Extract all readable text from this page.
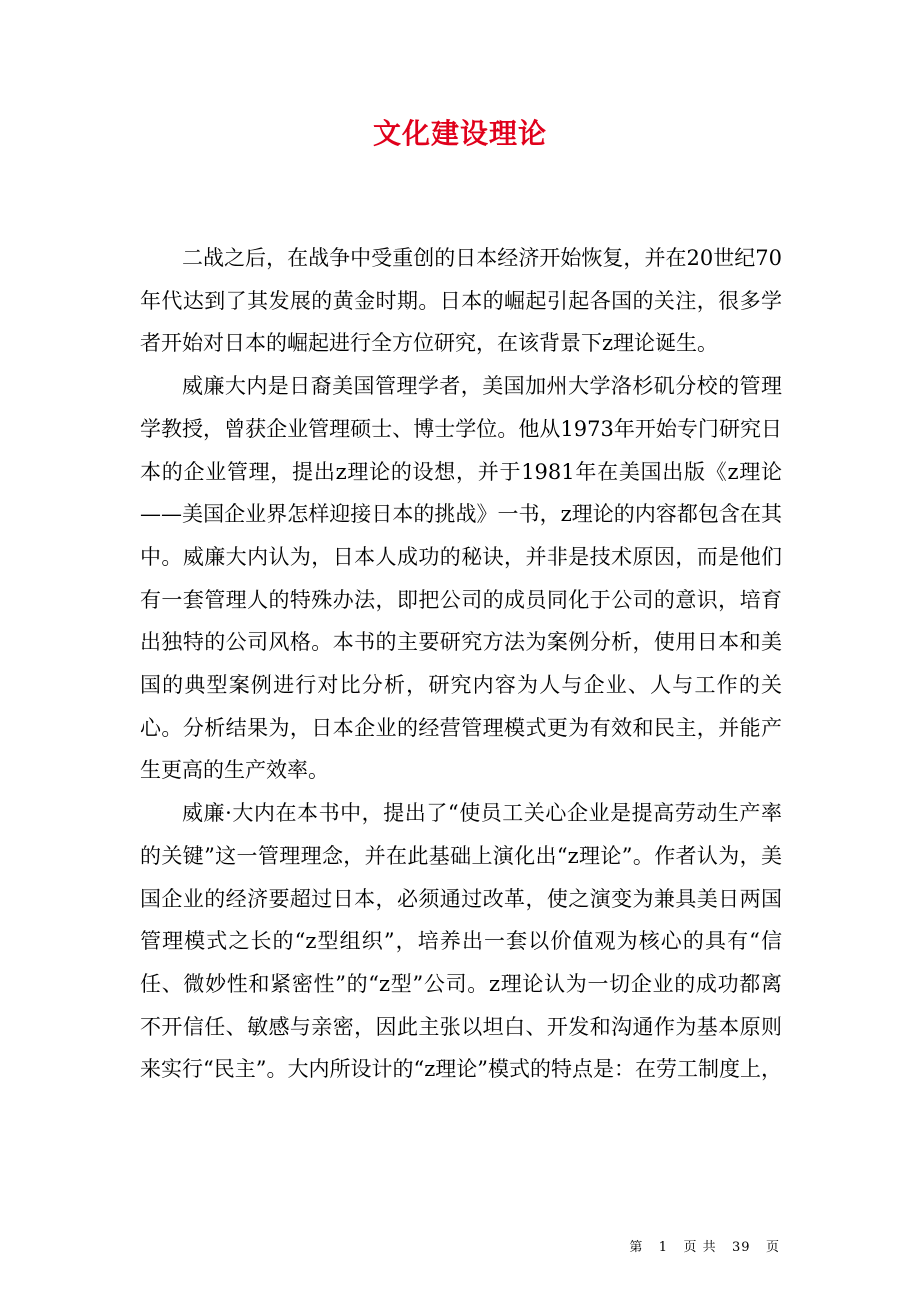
文化建设理论

二战之后，在战争中受重创的日本经济开始恢复，并在20世纪70年代达到了其发展的黄金时期。日本的崛起引起各国的关注，很多学者开始对日本的崛起进行全方位研究，在该背景下z理论诞生。

威廉大内是日裔美国管理学者，美国加州大学洛杉矶分校的管理学教授，曾获企业管理硕士、博士学位。他从1973年开始专门研究日本的企业管理，提出z理论的设想，并于1981年在美国出版《z理论——美国企业界怎样迎接日本的挑战》一书，z理论的内容都包含在其中。威廉大内认为，日本人成功的秘诀，并非是技术原因，而是他们有一套管理人的特殊办法，即把公司的成员同化于公司的意识，培育出独特的公司风格。本书的主要研究方法为案例分析，使用日本和美国的典型案例进行对比分析，研究内容为人与企业、人与工作的关心。分析结果为，日本企业的经营管理模式更为有效和民主，并能产生更高的生产效率。

威廉·大内在本书中，提出了“使员工关心企业是提高劳动生产率的关键”这一管理理念，并在此基础上演化出“z理论”。作者认为，美国企业的经济要超过日本，必须通过改革，使之演变为兼具美日两国管理模式之长的“z型组织”，培养出一套以价值观为核心的具有“信任、微妙性和紧密性”的“z型”公司。z理论认为一切企业的成功都离不开信任、敏感与亲密，因此主张以坦白、开发和沟通作为基本原则来实行“民主”。大内所设计的“z理论”模式的特点是：在劳工制度上，

第 1 页 共 39 页
